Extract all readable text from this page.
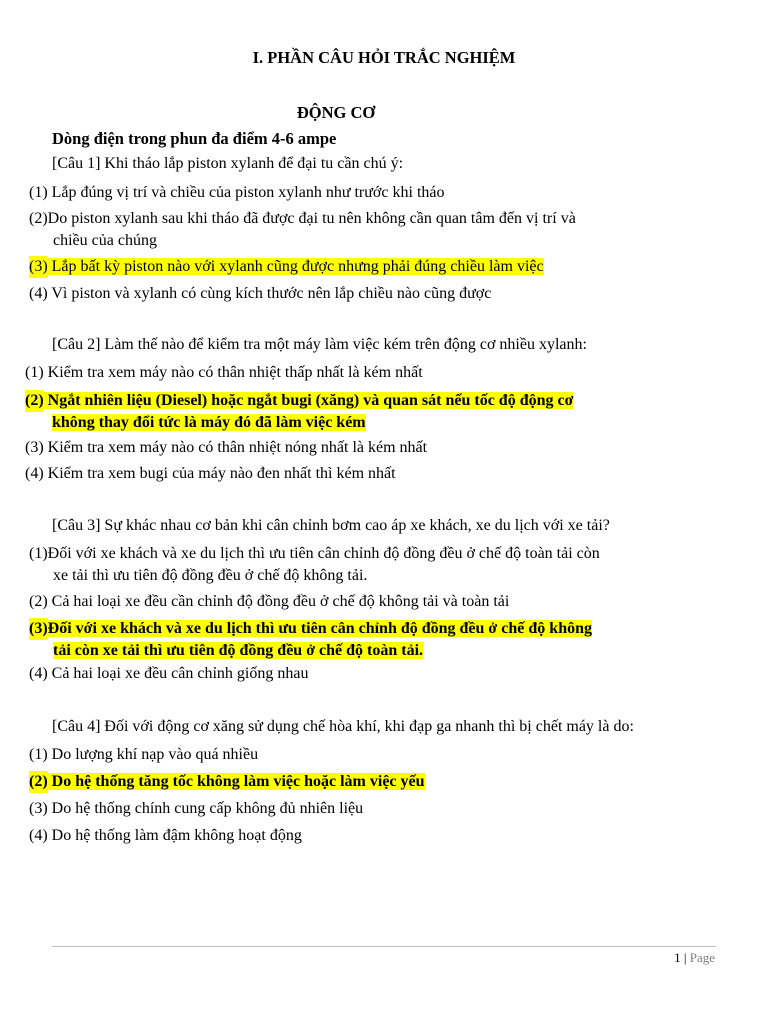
I. PHẦN CÂU HỎI TRẮC NGHIỆM
ĐỘNG CƠ
Dòng điện trong phun đa điểm 4-6 ampe
[Câu 1] Khi tháo lắp piston xylanh để đại tu cần chú ý:
(1) Lắp đúng vị trí và chiều của piston xylanh như trước khi tháo
(2)Do piston xylanh sau khi tháo đã được đại tu nên không cần quan tâm đến vị trí và
chiều của chúng
(3) Lắp bất kỳ piston nào với xylanh cũng được nhưng phải đúng chiều làm việc
(4) Vì piston và xylanh có cùng kích thước nên lắp chiều nào cũng được
[Câu 2] Làm thế nào để kiểm tra một máy làm việc kém trên động cơ nhiều xylanh:
(1) Kiểm tra xem máy nào có thân nhiệt thấp nhất là kém nhất
(2) Ngắt nhiên liệu (Diesel) hoặc ngắt bugi (xăng) và quan sát nếu tốc độ động cơ
không thay đổi tức là máy đó đã làm việc kém
(3) Kiểm tra xem máy nào có thân nhiệt nóng nhất là kém nhất
(4) Kiểm tra xem bugi của máy nào đen nhất thì kém nhất
[Câu 3] Sự khác nhau cơ bản khi cân chỉnh bơm cao áp xe khách, xe du lịch với xe tải?
(1)Đối với xe khách và xe du lịch thì ưu tiên cân chỉnh độ đồng đều ở chế độ toàn tải còn
xe tải thì ưu tiên độ đồng đều ở chế độ không tải.
(2) Cả hai loại xe đều cần chỉnh độ đồng đều ở chế độ không tải và toàn tải
(3)Đối với xe khách và xe du lịch thì ưu tiên cân chỉnh độ đồng đều ở chế độ không
tải còn xe tải thì ưu tiên độ đồng đều ở chế độ toàn tải.
(4) Cả hai loại xe đều cân chỉnh giống nhau
[Câu 4] Đối với động cơ xăng sử dụng chế hòa khí, khi đạp ga nhanh thì bị chết máy là do:
(1) Do lượng khí nạp vào quá nhiều
(2) Do hệ thống tăng tốc không làm việc hoặc làm việc yếu
(3) Do hệ thống chính cung cấp không đủ nhiên liệu
(4) Do hệ thống làm đậm không hoạt động
1 | Page
